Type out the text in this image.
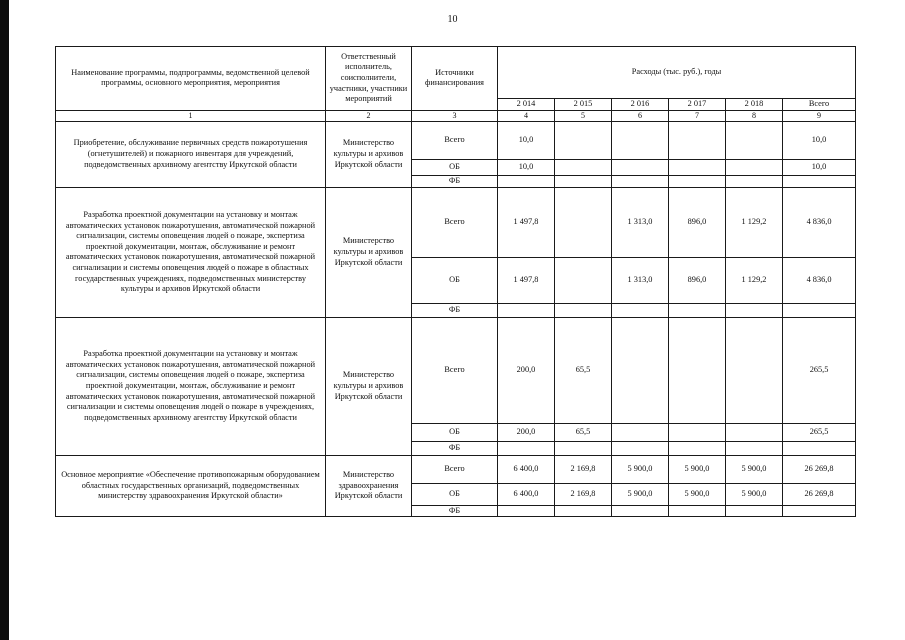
10
Наименование программы, подпрограммы, ведомственной целевой программы, основного мероприятия, мероприятия	Ответственный исполнитель, соисполнители, участники, участники мероприятий	Источники финансирования	Расходы (тыс. руб.), годы					
			2 014	2 015	2 016	2 017	2 018	Всего
1	2	3	4	5	6	7	8	9
Приобретение, обслуживание первичных средств пожаротушения (огнетушителей) и пожарного инвентаря для учреждений, подведомственных архивному агентству Иркутской области	Министерство культуры и архивов Иркутской области	Всего	10,0					10,0
		ОБ	10,0					10,0
		ФБ						
Разработка проектной документации на установку и монтаж автоматических установок пожаротушения, автоматической пожарной сигнализации, системы оповещения людей о пожаре, экспертиза проектной документации, монтаж, обслуживание и ремонт автоматических установок пожаротушения, автоматической пожарной сигнализации и системы оповещения людей о пожаре в областных государственных учреждениях, подведомственных министерству культуры и архивов Иркутской области	Министерство культуры и архивов Иркутской области	Всего	1 497,8		1 313,0	896,0	1 129,2	4 836,0
		ОБ	1 497,8		1 313,0	896,0	1 129,2	4 836,0
		ФБ						
Разработка проектной документации на установку и монтаж автоматических установок пожаротушения, автоматической пожарной сигнализации, системы оповещения людей о пожаре, экспертиза проектной документации, монтаж, обслуживание и ремонт автоматических установок пожаротушения, автоматической пожарной сигнализации и системы оповещения людей о пожаре в учреждениях, подведомственных архивному агентству Иркутской области	Министерство культуры и архивов Иркутской области	Всего	200,0	65,5				265,5
		ОБ	200,0	65,5				265,5
		ФБ						
Основное мероприятие «Обеспечение противопожарным оборудованием областных государственных организаций, подведомственных министерству здравоохранения Иркутской области»	Министерство здравоохранения Иркутской области	Всего	6 400,0	2 169,8	5 900,0	5 900,0	5 900,0	26 269,8
		ОБ	6 400,0	2 169,8	5 900,0	5 900,0	5 900,0	26 269,8
		ФБ						
